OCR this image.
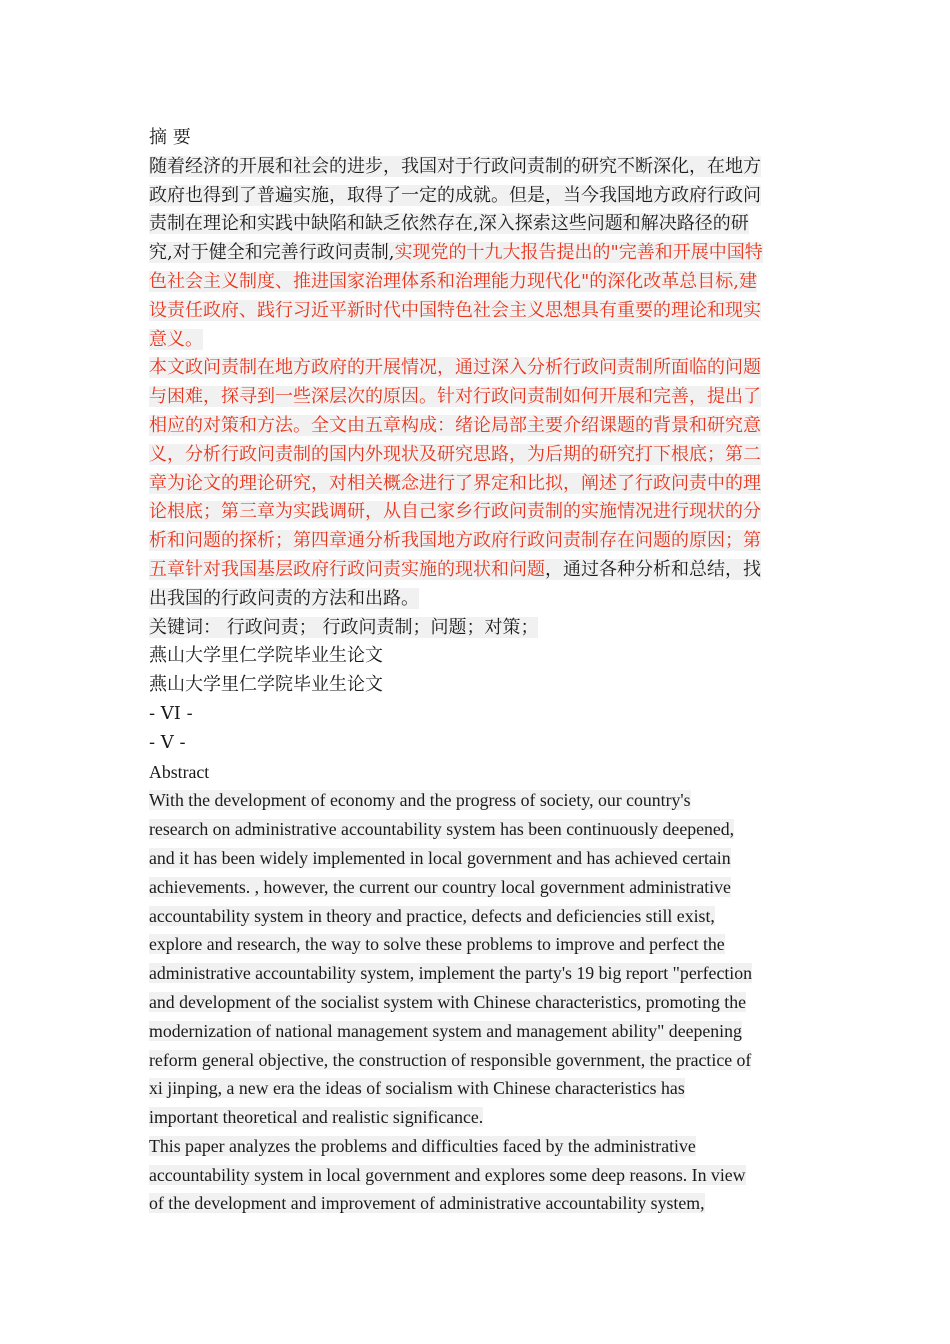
摘 要
随着经济的开展和社会的进步，我国对于行政问责制的研究不断深化，在地方
政府也得到了普遍实施，取得了一定的成就。但是，当今我国地方政府行政问
责制在理论和实践中缺陷和缺乏依然存在,深入探索这些问题和解决路径的研
究,对于健全和完善行政问责制,实现党的十九大报告提出的"完善和开展中国特
色社会主义制度、推进国家治理体系和治理能力现代化"的深化改革总目标,建
设责任政府、践行习近平新时代中国特色社会主义思想具有重要的理论和现实
意义。
本文政问责制在地方政府的开展情况，通过深入分析行政问责制所面临的问题
与困难，探寻到一些深层次的原因。针对行政问责制如何开展和完善，提出了
相应的对策和方法。全文由五章构成：绪论局部主要介绍课题的背景和研究意
义，分析行政问责制的国内外现状及研究思路，为后期的研究打下根底；第二
章为论文的理论研究，对相关概念进行了界定和比拟，阐述了行政问责中的理
论根底；第三章为实践调研，从自己家乡行政问责制的实施情况进行现状的分
析和问题的探析；第四章通分析我国地方政府行政问责制存在问题的原因；第
五章针对我国基层政府行政问责实施的现状和问题，通过各种分析和总结，找
出我国的行政问责的方法和出路。
关键词： 行政问责； 行政问责制；问题；对策；
燕山大学里仁学院毕业生论文
燕山大学里仁学院毕业生论文
- VI -
- V -
Abstract
With the development of economy and the progress of society, our country's
research on administrative accountability system has been continuously deepened,
and it has been widely implemented in local government and has achieved certain
achievements. , however, the current our country local government administrative
accountability system in theory and practice, defects and deficiencies still exist,
explore and research, the way to solve these problems to improve and perfect the
administrative accountability system, implement the party's 19 big report "perfection
and development of the socialist system with Chinese characteristics, promoting the
modernization of national management system and management ability" deepening
reform general objective, the construction of responsible government, the practice of
xi jinping, a new era the ideas of socialism with Chinese characteristics has
important theoretical and realistic significance.
This paper analyzes the problems and difficulties faced by the administrative
accountability system in local government and explores some deep reasons. In view
of the development and improvement of administrative accountability system,
